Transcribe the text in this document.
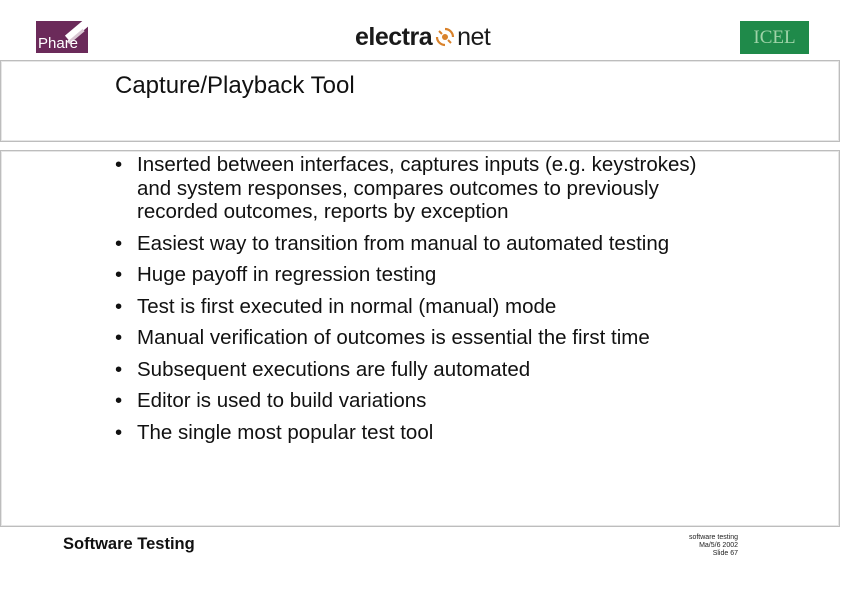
Phare	electra net	ICEL
Capture/Playback Tool
• Inserted between interfaces, captures inputs (e.g. keystrokes) and system responses, compares outcomes to previously recorded outcomes, reports by exception
• Easiest way to transition from manual to automated testing
• Huge payoff in regression testing
• Test is first executed in normal (manual) mode
• Manual verification of outcomes is essential the first time
• Subsequent executions are fully automated
• Editor is used to build variations
• The single most popular test tool
Software Testing	software testing
Ma/5/6 2002
Slide 67
